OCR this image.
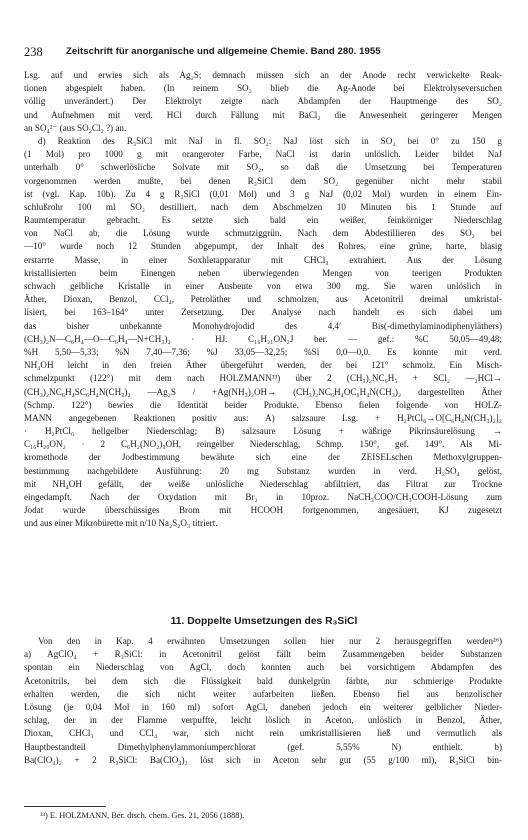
238 Zeitschrift für anorganische und allgemeine Chemie. Band 280. 1955
Lsg. auf und erwies sich als Ag₂S; demnach müssen sich an der Anode recht verwickelte Reak-
tionen abgespielt haben. (In reinem SO₂ blieb die Ag-Anode bei Elektrolyseversuchen
völlig unverändert.) Der Elektrolyt zeigte nach Abdampfen der Hauptmenge des SO₂
und Aufnehmen mit verd. HCl durch Fällung mit BaCl₂ die Anwesenheit geringerer Mengen
an SO₄²⁻ (aus SO₂Cl₂ ?) an.
d) Reaktion des R₃SiCl mit NaJ in fl. SO₂: NaJ löst sich in SO₂ bei 0° zu 150 g
(1 Mol) pro 1000 g mit orangeroter Farbe, NaCl ist darin unlöslich. Leider bildet NaJ
unterhalb 0° schwerlösliche Solvate mit SO₂, so daß die Umsetzung bei Temperaturen
vorgenommen werden mußte, bei denen R₃SiCl dem SO₂ gegenüber nicht mehr stabil
ist (vgl. Kap. 10b). Zu 4 g R₃SiCl (0,01 Mol) und 3 g NaJ (0,02 Mol) wurden in einem Ein-
schlußrohr 100 ml SO₂ destilliert, nach dem Abschmelzen 10 Minuten bis 1 Stunde auf
Raumtemperatur gebracht. Es setzte sich bald ein weißer, feinkörniger Niederschlag
von NaCl ab, die Lösung wurde schmutziggrün. Nach dem Abdestillieren des SO₂ bei
—10° wurde noch 12 Stunden abgepumpt, der Inhalt des Rohres, eine grüne, harte, blasig
erstarrte Masse, in einer Soxhletapparatur mit CHCl₃ extrahiert. Aus der Lösung
kristallisierten beim Einengen neben überwiegenden Mengen von teerigen Produkten
schwach gelbliche Kristalle in einer Ausbeute von etwa 300 mg. Sie waren unlöslich in
Äther, Dioxan, Benzol, CCl₄, Petroläther und schmolzen, aus Acetonitril dreimal umkristal-
lisiert, bei 163–164° unter Zersetzung. Der Analyse nach handelt es sich dabei um
das bisher unbekannte Monohydrojodid des 4,4′ Bis(-dimethylaminodiphenyläthers)
(CH₃)₂N—C₆H₄—O—C₆H₄—N+CH₃)₂ · HJ. C₁₆H₂₁ON₂J ber. — gef.: %C 50,05—49,48;
%H 5,50—5,33; %N 7,40—7,36; %J 33,05—32,25; %Si 0,0—0,0. Es konnte mit verd.
NH₄OH leicht in den freien Äther übergeführt werden, der bei 121° schmolz. Ein Misch-
schmelzpunkt (122°) mit dem nach HOLZMANN³³) über 2 (CH₃)₂NC₆H₅ + SCl₂ —₂HCl→
(CH₃)₂NC₆H₄SC₆H₄N(CH₃)₂ —Ag₂S / +Ag(NH₃)₂OH→ (CH₃)₂NC₆H₄OC₆H₄N(CH₃)₂ dargestellten Äther
(Schmp. 122°) bewies die Identität beider Produkte. Ebenso fielen folgende von HOLZ-
MANN angegebenen Reaktionen positiv aus: A) salzsaure Lsg. + H₂PtCl₆→O[C₆H₄N(CH₃)₂]₂
· H₂PtCl₆ hellgelber Niederschlag; B) salzsaure Lösung + wäßrige Pikrinsäurelösung →
C₁₆H₂₀ON₂ · 2 C₆H₂(NO₂)₃OH, reingelber Niederschlag, Schmp. 150°, gef. 149°. Als Mi-
kromethode der Jodbestimmung bewährte sich eine der ZEISELschen Methoxylgruppen-
bestimmung nachgebildete Ausführung: 20 mg Substanz wurden in verd. H₂SO₄ gelöst,
mit NH₄OH gefällt, der weiße unlösliche Niederschlag abfiltriert, das Filtrat zur Trockne
eingedampft. Nach der Oxydation mit Br₂ in 10proz. NaCH₃COO/CH₃COOH-Lösung zum
Jodat wurde überschüssiges Brom mit HCOOH fortgenommen, angesäuert, KJ zugesetzt
und aus einer Mikrobürette mit n/10 Na₂S₂O₃ titriert.
11. Doppelte Umsetzungen des R₃SiCl
Von den in Kap. 4 erwähnten Umsetzungen sollen hier nur 2 herausgegriffen werden²⁶)
a) AgClO₄ + R₃SiCl: in Acetonitril gelöst fällt beim Zusammengeben beider Substanzen
spontan ein Niederschlag von AgCl, doch konnten auch bei vorsichtigem Abdampfen des
Acetonitrils, bei dem sich die Flüssigkeit bald dunkelgrün färbte, nur schmierige Produkte
erhalten werden, die sich nicht weiter aufarbeiten ließen. Ebenso fiel aus benzolischer
Lösung (je 0,04 Mol in 160 ml) sofort AgCl, daneben jedoch ein weiterer gelblicher Nieder-
schlag, der in der Flamme verpuffte, leicht löslich in Aceton, unlöslich in Benzol, Äther,
Dioxan, CHCl₃ und CCl₄ war, sich nicht rein umkristallisieren ließ und vermutlich als
Hauptbestandteil Dimethylphenylammoniumperchlorat (gef. 5,55% N) enthielt. b)
Ba(ClO₄)₂ + 2 R₃SiCl: Ba(ClO₄)₂ löst sich in Aceton sehr gut (55 g/100 ml), R₃SiCl bin-
³³) E. HOLZMANN, Ber. dtsch. chem. Ges. 21, 2056 (1888).
